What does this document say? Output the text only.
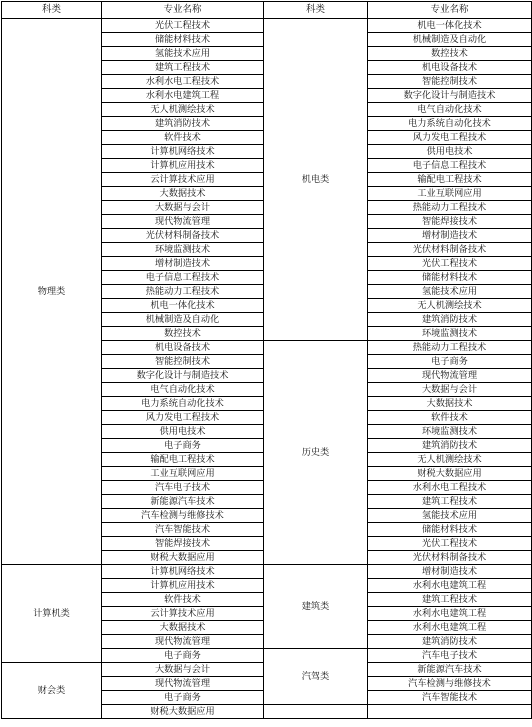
科类	专业名称	科类	专业名称
物理类	光伏工程技术	机电类	机电一体化技术
	储能材料技术		机械制造及自动化
	氢能技术应用		数控技术
	建筑工程技术		机电设备技术
	水利水电工程技术		智能控制技术
	水利水电建筑工程		数字化设计与制造技术
	无人机测绘技术		电气自动化技术
	建筑消防技术		电力系统自动化技术
	软件技术		风力发电工程技术
	计算机网络技术		供用电技术
	计算机应用技术		电子信息工程技术
	云计算技术应用		输配电工程技术
	大数据技术		工业互联网应用
	大数据与会计		热能动力工程技术
	现代物流管理		智能焊接技术
	光伏材料制备技术		增材制造技术
	环境监测技术		光伏材料制备技术
	增材制造技术		光伏工程技术
	电子信息工程技术		储能材料技术
	热能动力工程技术		氢能技术应用
	机电一体化技术		无人机测绘技术
	机械制造及自动化		建筑消防技术
	数控技术		环境监测技术
	机电设备技术	历史类	热能动力工程技术
	智能控制技术		电子商务
	数字化设计与制造技术		现代物流管理
	电气自动化技术		大数据与会计
	电力系统自动化技术		大数据技术
	风力发电工程技术		软件技术
	供用电技术		环境监测技术
	电子商务		建筑消防技术
	输配电工程技术		无人机测绘技术
	工业互联网应用		财税大数据应用
	汽车电子技术		水利水电工程技术
	新能源汽车技术		建筑工程技术
	汽车检测与维修技术		氢能技术应用
	汽车智能技术		储能材料技术
	智能焊接技术		光伏工程技术
	财税大数据应用		光伏材料制备技术
计算机类	计算机网络技术	建筑类	增材制造技术
	计算机应用技术		水利水电建筑工程
	软件技术		建筑工程技术
	云计算技术应用		水利水电建筑工程
	大数据技术		水利水电建筑工程
	现代物流管理		建筑消防技术
	电子商务	汽驾类	汽车电子技术
财会类	大数据与会计		新能源汽车技术
	现代物流管理		汽车检测与维修技术
	电子商务		汽车智能技术
	财税大数据应用		
